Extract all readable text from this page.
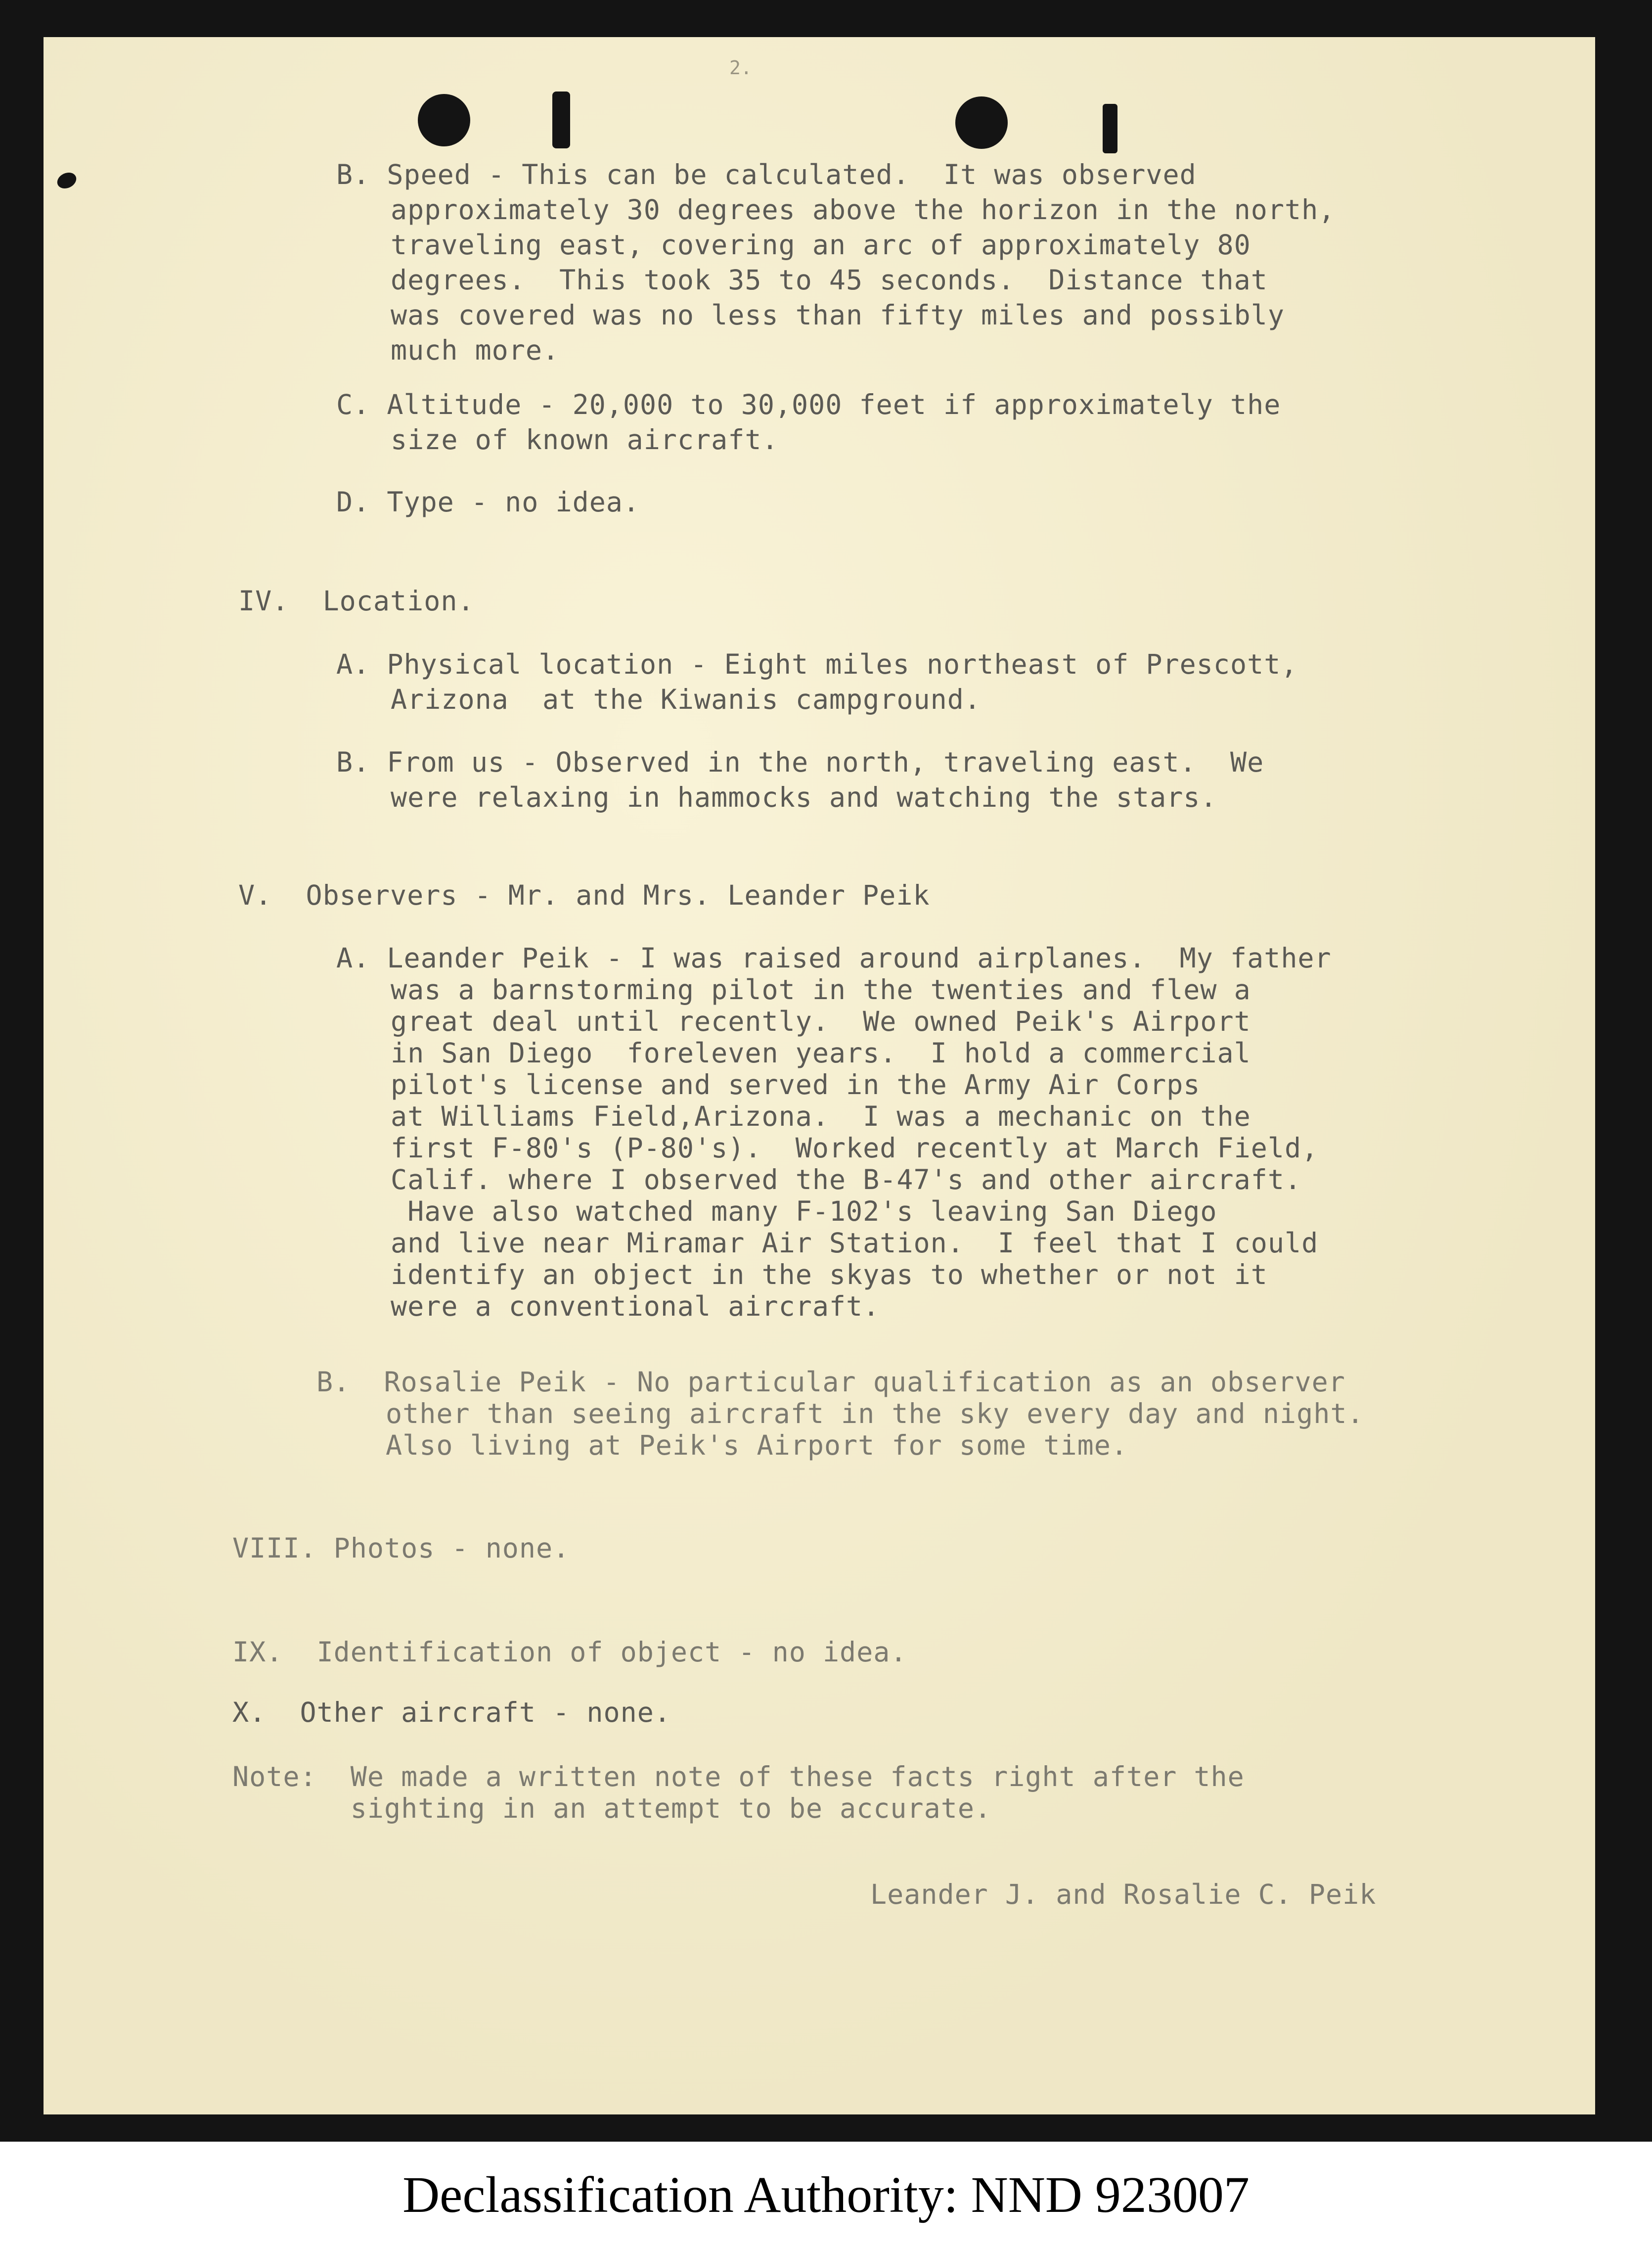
2.
B. Speed - This can be calculated.  It was observed
approximately 30 degrees above the horizon in the north,
traveling east, covering an arc of approximately 80
degrees.  This took 35 to 45 seconds.  Distance that
was covered was no less than fifty miles and possibly
much more.
C. Altitude - 20,000 to 30,000 feet if approximately the
size of known aircraft.
D. Type - no idea.
IV.  Location.
A. Physical location - Eight miles northeast of Prescott,
Arizona  at the Kiwanis campground.
B. From us - Observed in the north, traveling east.  We
were relaxing in hammocks and watching the stars.
V.  Observers - Mr. and Mrs. Leander Peik
A. Leander Peik - I was raised around airplanes.  My father
was a barnstorming pilot in the twenties and flew a
great deal until recently.  We owned Peik's Airport
in San Diego  foreleven years.  I hold a commercial
pilot's license and served in the Army Air Corps
at Williams Field,Arizona.  I was a mechanic on the
first F-80's (P-80's).  Worked recently at March Field,
Calif. where I observed the B-47's and other aircraft.
Have also watched many F-102's leaving San Diego
and live near Miramar Air Station.  I feel that I could
identify an object in the skyas to whether or not it
were a conventional aircraft.
B.  Rosalie Peik - No particular qualification as an observer
other than seeing aircraft in the sky every day and night.
Also living at Peik's Airport for some time.
VIII. Photos - none.
IX.  Identification of object - no idea.
X.  Other aircraft - none.
Note:  We made a written note of these facts right after the
sighting in an attempt to be accurate.
Leander J. and Rosalie C. Peik
Declassification Authority: NND 923007
